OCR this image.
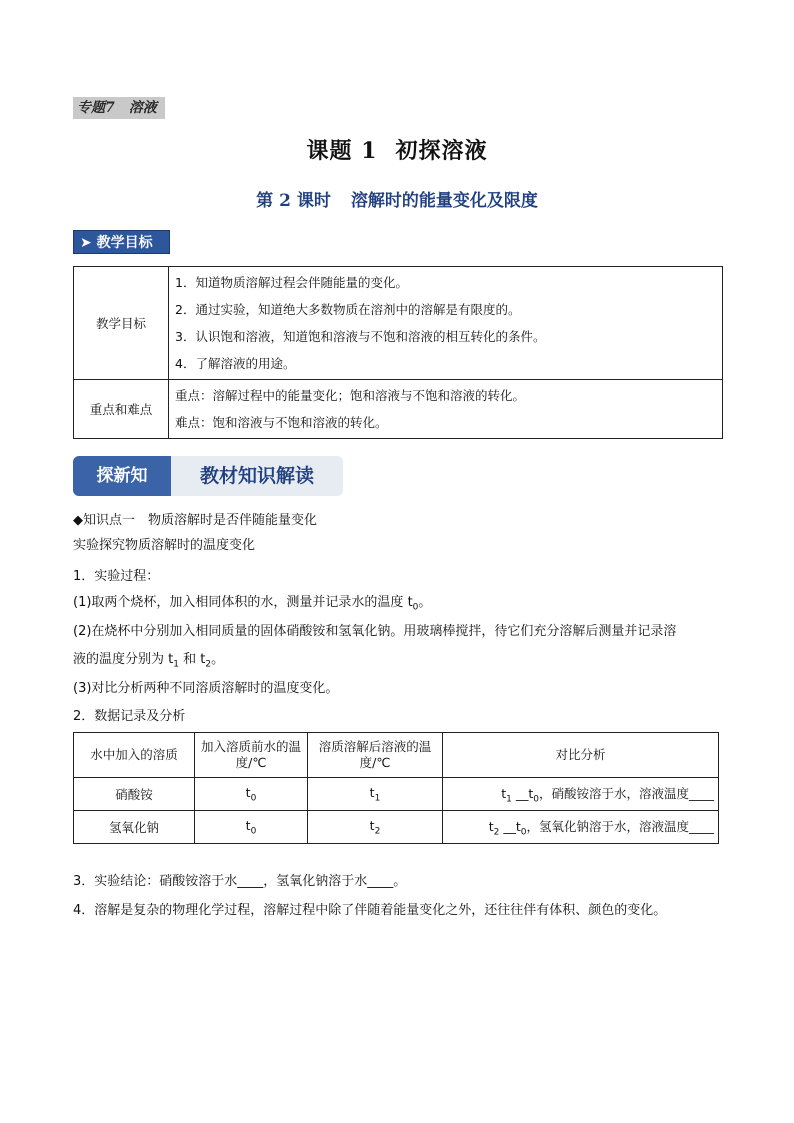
专题7　溶液
课题 1 初探溶液
第 2 课时 溶解时的能量变化及限度
➤ 教学目标
教学目标	1．知道物质溶解过程会伴随能量的变化。
2．通过实验，知道绝大多数物质在溶剂中的溶解是有限度的。
3．认识饱和溶液，知道饱和溶液与不饱和溶液的相互转化的条件。
4．了解溶液的用途。

重点和难点	重点：溶解过程中的能量变化；饱和溶液与不饱和溶液的转化。
难点：饱和溶液与不饱和溶液的转化。
探新知	教材知识解读
◆知识点一　物质溶解时是否伴随能量变化
实验探究物质溶解时的温度变化
1．实验过程：
(1)取两个烧杯，加入相同体积的水，测量并记录水的温度 $t_0$。
(2)在烧杯中分别加入相同质量的固体硝酸铵和氢氧化钠。用玻璃棒搅拌，待它们充分溶解后测量并记录溶
液的温度分别为 $t_1$ 和 $t_2$。
(3)对比分析两种不同溶质溶解时的温度变化。
2．数据记录及分析
水中加入的溶质	加入溶质前水的温度/℃	溶质溶解后溶液的温度/℃	对比分析
硝酸铵	$t_0$	$t_1$	$t_1$ $\_\_t_0$，硝酸铵溶于水，溶液温度____
氢氧化钠	$t_0$	$t_2$	$t_2$ $\_\_t_0$，氢氧化钠溶于水，溶液温度____
3．实验结论：硝酸铵溶于水____，氢氧化钠溶于水____。
4．溶解是复杂的物理化学过程，溶解过程中除了伴随着能量变化之外，还往往伴有体积、颜色的变化。
